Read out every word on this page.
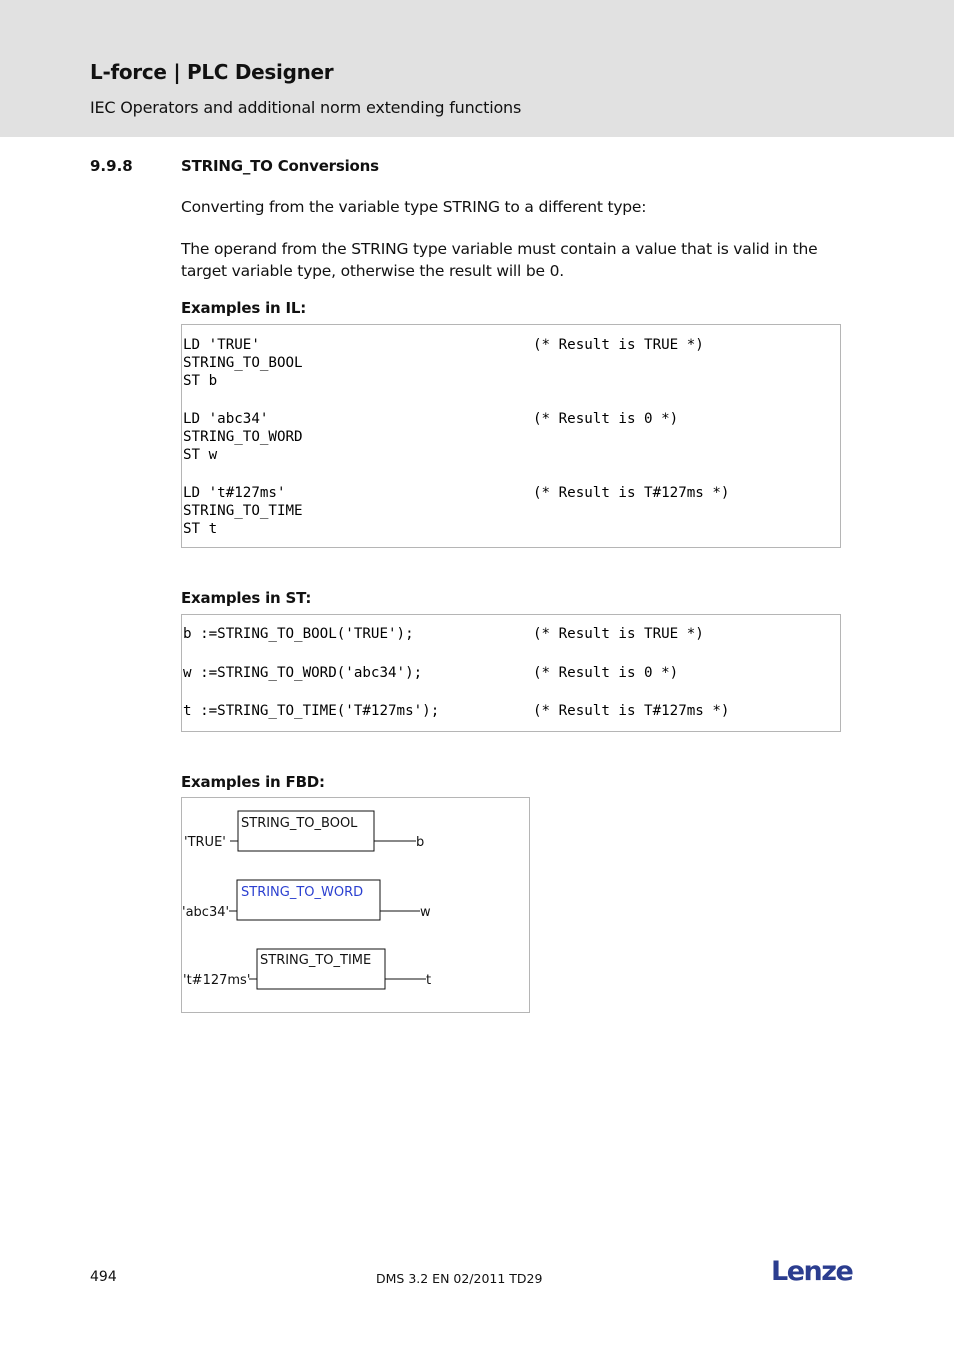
L-force | PLC Designer
IEC Operators and additional norm extending functions
9.9.8	STRING_TO Conversions
Converting from the variable type STRING to a different type:
The operand from the STRING type variable must contain a value that is valid in the
target variable type, otherwise the result will be 0.
Examples in IL:
LD 'TRUE'	(* Result is TRUE *)
STRING_TO_BOOL
ST b
LD 'abc34'	(* Result is 0 *)
STRING_TO_WORD
ST w
LD 't#127ms'	(* Result is T#127ms *)
STRING_TO_TIME
ST t
Examples in ST:
b :=STRING_TO_BOOL('TRUE');	(* Result is TRUE *)
w :=STRING_TO_WORD('abc34');	(* Result is 0 *)
t :=STRING_TO_TIME('T#127ms');	(* Result is T#127ms *)
Examples in FBD:
STRING_TO_BOOL
'TRUE'	b
STRING_TO_WORD
'abc34'	w
STRING_TO_TIME
't#127ms'	t
494	DMS 3.2 EN 02/2011 TD29	Lenze
